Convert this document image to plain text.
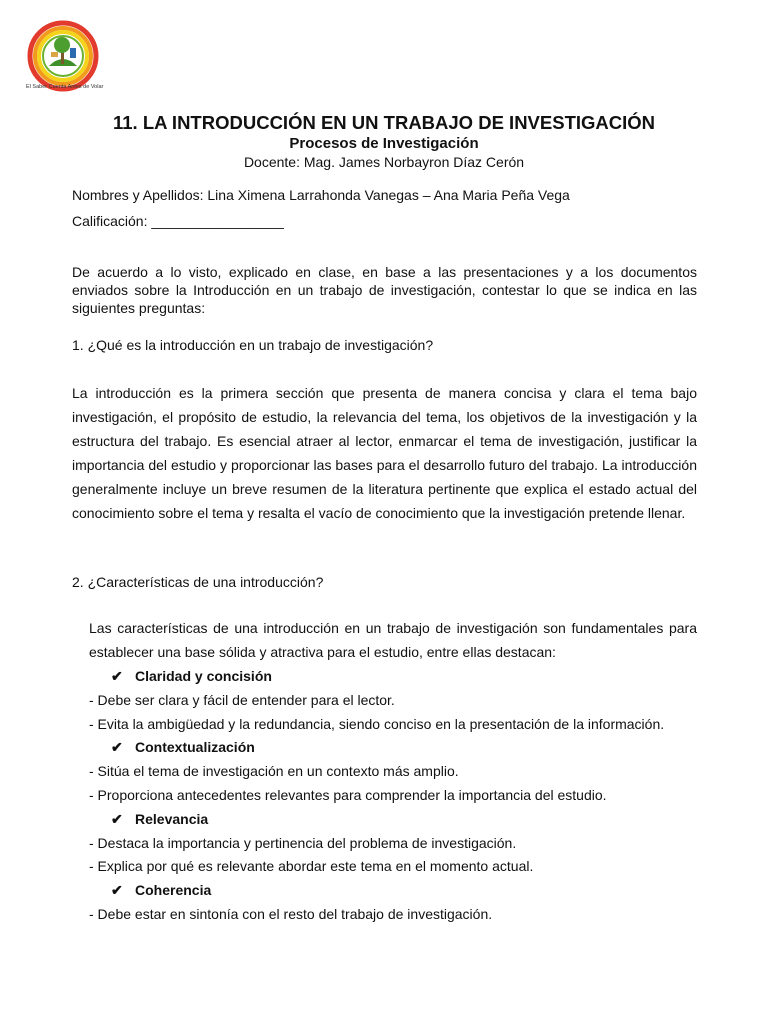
El Saber Cuenta Antes de Volar
11. LA INTRODUCCIÓN EN UN TRABAJO DE INVESTIGACIÓN
Procesos de Investigación
Docente: Mag. James Norbayron Díaz Cerón
Nombres y Apellidos: Lina Ximena Larrahonda Vanegas – Ana Maria Peña Vega
Calificación: _________________
De acuerdo a lo visto, explicado en clase, en base a las presentaciones y a los documentos enviados sobre la Introducción en un trabajo de investigación, contestar lo que se indica en las siguientes preguntas:
1. ¿Qué es la introducción en un trabajo de investigación?
La introducción es la primera sección que presenta de manera concisa y clara el tema bajo investigación, el propósito de estudio, la relevancia del tema, los objetivos de la investigación y la estructura del trabajo. Es esencial atraer al lector, enmarcar el tema de investigación, justificar la importancia del estudio y proporcionar las bases para el desarrollo futuro del trabajo. La introducción generalmente incluye un breve resumen de la literatura pertinente que explica el estado actual del conocimiento sobre el tema y resalta el vacío de conocimiento que la investigación pretende llenar.
2. ¿Características de una introducción?
Las características de una introducción en un trabajo de investigación son fundamentales para establecer una base sólida y atractiva para el estudio, entre ellas destacan:
✔ Claridad y concisión
- Debe ser clara y fácil de entender para el lector.
- Evita la ambigüedad y la redundancia, siendo conciso en la presentación de la información.
✔ Contextualización
- Sitúa el tema de investigación en un contexto más amplio.
- Proporciona antecedentes relevantes para comprender la importancia del estudio.
✔ Relevancia
- Destaca la importancia y pertinencia del problema de investigación.
- Explica por qué es relevante abordar este tema en el momento actual.
✔ Coherencia
- Debe estar en sintonía con el resto del trabajo de investigación.
